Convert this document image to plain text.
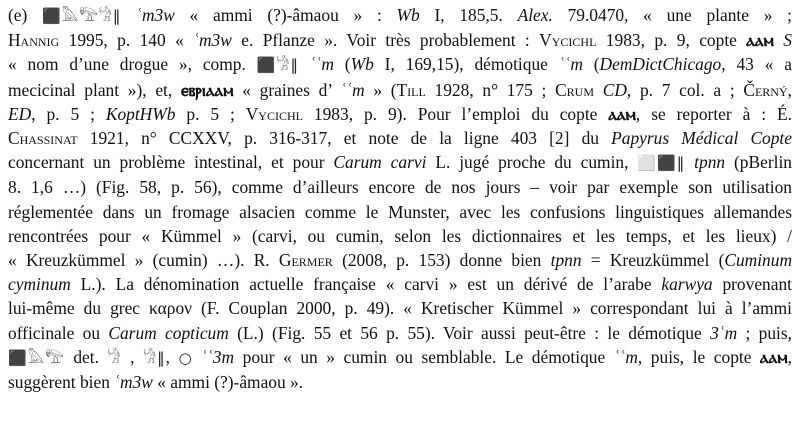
(e) ⬛𓅓𓅟𓀝‖ ʿm3w « ammi (?)-âmaou » : Wb I, 185,5. Alex. 79.0470, « une plante » ;
Hannig 1995, p. 140 « ʿm3w e. Pflanze ». Voir très probablement : Vycichl 1983, p. 9, copte ⲁⲁⲙ S
« nom d’une drogue », comp. ⬛𓀝‖ ʿʿm (Wb I, 169,15), démotique ʿʿm (DemDictChicago, 43 « a
mecicinal plant »), et, ⲉⲃⲣⲓⲁⲁⲙ « graines d’ ʿʿm » (Till 1928, n° 175 ; Crum CD, p. 7 col. a ; Černý,
ED, p. 5 ; KoptHWb p. 5 ; Vycichl 1983, p. 9). Pour l’emploi du copte ⲁⲁⲙ, se reporter à : É.
Chassinat 1921, n° CCXXV, p. 316-317, et note de la ligne 403 [2] du Papyrus Médical Copte
concernant un problème intestinal, et pour Carum carvi L. jugé proche du cumin, ⬜⬛‖ tpnn (pBerlin
8. 1,6 …) (Fig. 58, p. 56), comme d’ailleurs encore de nos jours – voir par exemple son utilisation
réglementée dans un fromage alsacien comme le Munster, avec les confusions linguistiques allemandes
rencontrées pour « Kümmel » (carvi, ou cumin, selon les dictionnaires et les temps, et les lieux) /
« Kreuzkümmel » (cumin) …). R. Germer (2008, p. 153) donne bien tpnn = Kreuzkümmel (Cuminum
cyminum L.). La dénomination actuelle française « carvi » est un dérivé de l’arabe karwya provenant
lui-même du grec καρον (F. Couplan 2000, p. 49). « Kretischer Kümmel » correspondant lui à l’ammi
officinale ou Carum copticum (L.) (Fig. 55 et 56 p. 55). Voir aussi peut-être : le démotique 3ʿm ; puis,
⬛𓅓𓅟 det. 𓀝 , 𓀝‖, ○ ʿʿ3m pour « un » cumin ou semblable. Le démotique ʿʿm, puis, le copte ⲁⲁⲙ,
suggèrent bien ʿm3w « ammi (?)-âmaou ».
